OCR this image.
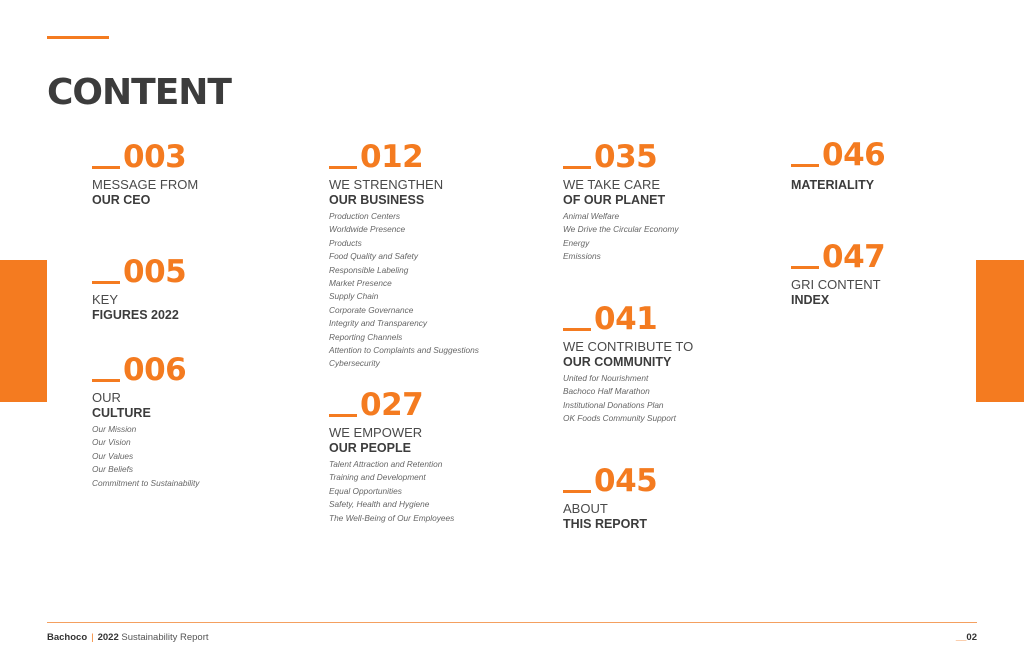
CONTENT
003
MESSAGE FROM
OUR CEO
005
KEY
FIGURES 2022
006
OUR
CULTURE
Our Mission
Our Vision
Our Values
Our Beliefs
Commitment to Sustainability
012
WE STRENGTHEN
OUR BUSINESS
Production Centers
Worldwide Presence
Products
Food Quality and Safety
Responsible Labeling
Market Presence
Supply Chain
Corporate Governance
Integrity and Transparency
Reporting Channels
Attention to Complaints and Suggestions
Cybersecurity
027
WE EMPOWER
OUR PEOPLE
Talent Attraction and Retention
Training and Development
Equal Opportunities
Safety, Health and Hygiene
The Well-Being of Our Employees
035
WE TAKE CARE
OF OUR PLANET
Animal Welfare
We Drive the Circular Economy
Energy
Emissions
041
WE CONTRIBUTE TO
OUR COMMUNITY
United for Nourishment
Bachoco Half Marathon
Institutional Donations Plan
OK Foods Community Support
045
ABOUT
THIS REPORT
046
MATERIALITY
047
GRI CONTENT
INDEX
Bachoco | 2022 Sustainability Report	__02
